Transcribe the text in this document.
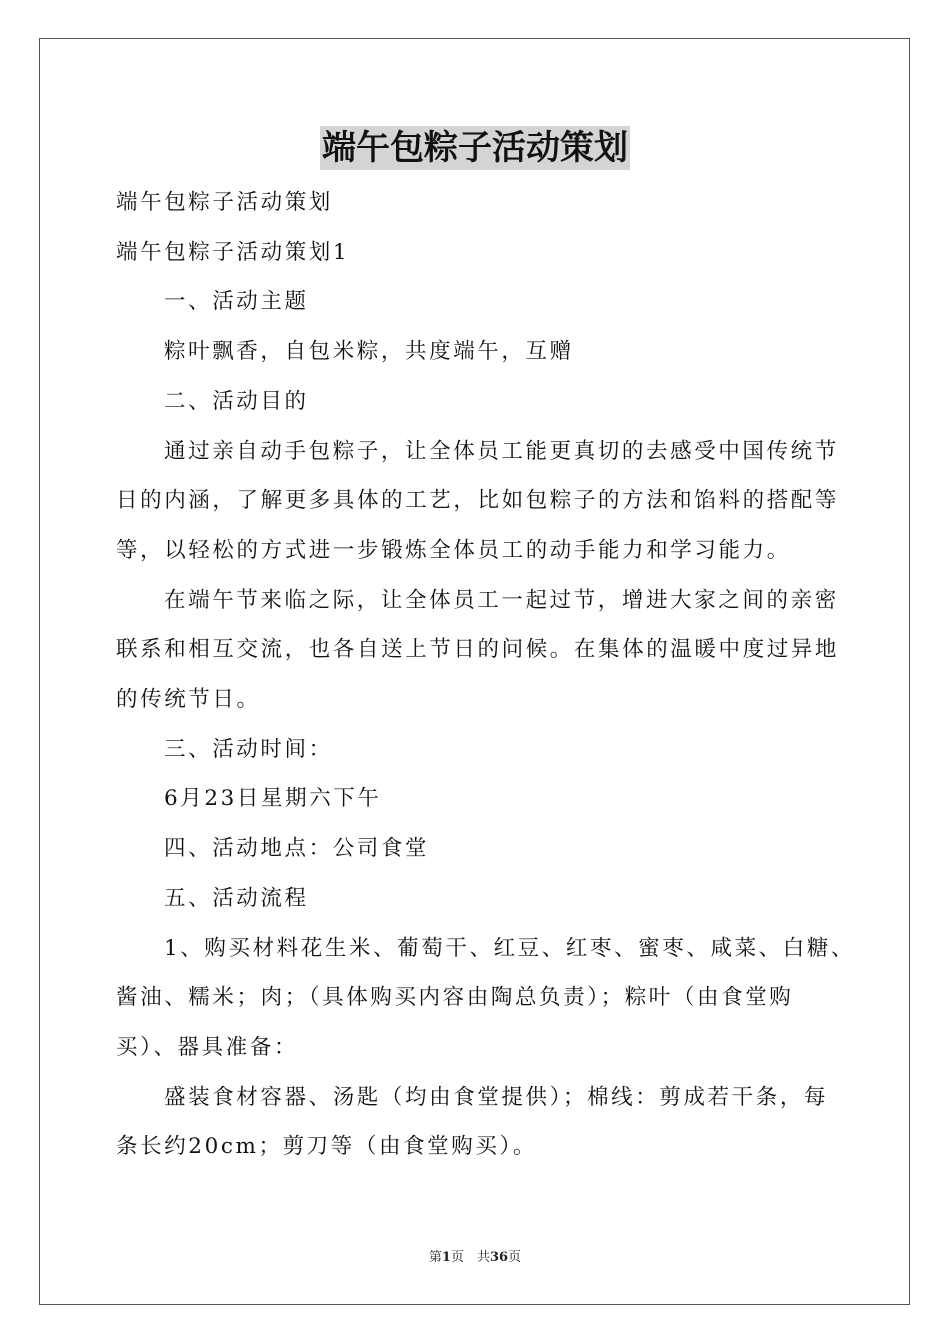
端午包粽子活动策划

端午包粽子活动策划

端午包粽子活动策划1

一、活动主题

粽叶飘香，自包米粽，共度端午，互赠

二、活动目的

通过亲自动手包粽子，让全体员工能更真切的去感受中国传统节

日的内涵，了解更多具体的工艺，比如包粽子的方法和馅料的搭配等

等，以轻松的方式进一步锻炼全体员工的动手能力和学习能力。

在端午节来临之际，让全体员工一起过节，增进大家之间的亲密

联系和相互交流，也各自送上节日的问候。在集体的温暖中度过异地

的传统节日。

三、活动时间：

6月23日星期六下午

四、活动地点：公司食堂

五、活动流程

1、购买材料花生米、葡萄干、红豆、红枣、蜜枣、咸菜、白糖、

酱油、糯米；肉；（具体购买内容由陶总负责）；粽叶（由食堂购

买）、器具准备：

盛装食材容器、汤匙（均由食堂提供）；棉线：剪成若干条，每

条长约20cm；剪刀等（由食堂购买）。

第1页　共36页
